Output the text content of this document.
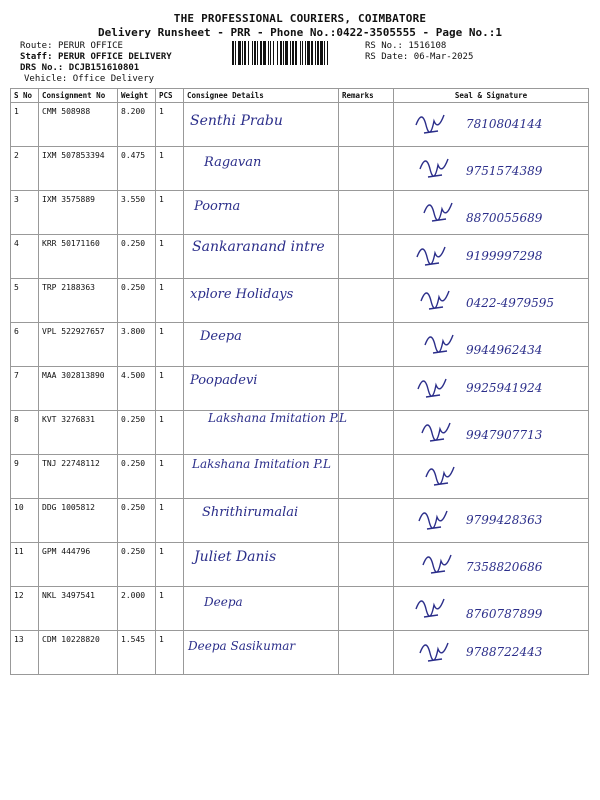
THE PROFESSIONAL COURIERS, COIMBATORE
Delivery Runsheet - PRR - Phone No.:0422-3505555 - Page No.:1
Route: PERUR OFFICE
Staff: PERUR OFFICE DELIVERY
DRS No.: DCJB151610801
Vehicle: Office Delivery
RS No.: 1516108
RS Date: 06-Mar-2025
S No	Consignment No	Weight	PCS	Consignee Details	Remarks	Seal & Signature
1	CMM 508988	8.200	1	Senthi Prabu		7810804144

2	IXM 507853394	0.475	1	Ragavan		9751574389

3	IXM 3575889	3.550	1	Poorna		8870055689

4	KRR 50171160	0.250	1	Sankaranand intre		9199997298

5	TRP 2188363	0.250	1	xplore Holidays		0422-4979595

6	VPL 522927657	3.800	1	Deepa		9944962434

7	MAA 302813890	4.500	1	Poopadevi		9925941924

8	KVT 3276831	0.250	1	Lakshana Imitation P.L		9947907713

9	TNJ 22748112	0.250	1	Lakshana Imitation P.L

10	DDG 1005812	0.250	1	Shrithirumalai		9799428363

11	GPM 444796	0.250	1	Juliet Danis		7358820686

12	NKL 3497541	2.000	1	Deepa		8760787899

13	CDM 10228820	1.545	1	Deepa Sasikumar		9788722443
